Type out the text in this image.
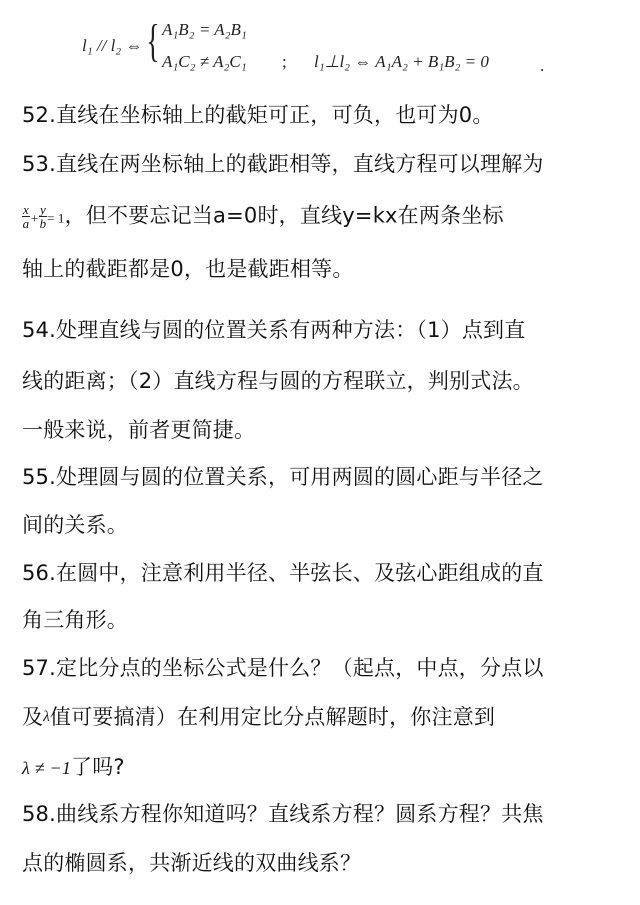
l₁ // l₂ ⇔ { A₁B₂ = A₂B₁
A₁C₂ ≠ A₂C₁ ; l₁⊥l₂ ⇔ A₁A₂ + B₁B₂ = 0	.
52.直线在坐标轴上的截矩可正，可负，也可为0。
53.直线在两坐标轴上的截距相等，直线方程可以理解为
$\frac{x}{a} + \frac{y}{b} = 1$，但不要忘记当a=0时，直线y=kx在两条坐标
轴上的截距都是0，也是截距相等。
54.处理直线与圆的位置关系有两种方法：（1）点到直
线的距离；（2）直线方程与圆的方程联立，判别式法。
一般来说，前者更简捷。
55.处理圆与圆的位置关系，可用两圆的圆心距与半径之
间的关系。
56.在圆中，注意利用半径、半弦长、及弦心距组成的直
角三角形。
57.定比分点的坐标公式是什么？（起点，中点，分点以
及$^\lambda$值可要搞清）在利用定比分点解题时，你注意到
λ ≠ −1了吗?
58.曲线系方程你知道吗？直线系方程？圆系方程？共焦
点的椭圆系，共渐近线的双曲线系？
